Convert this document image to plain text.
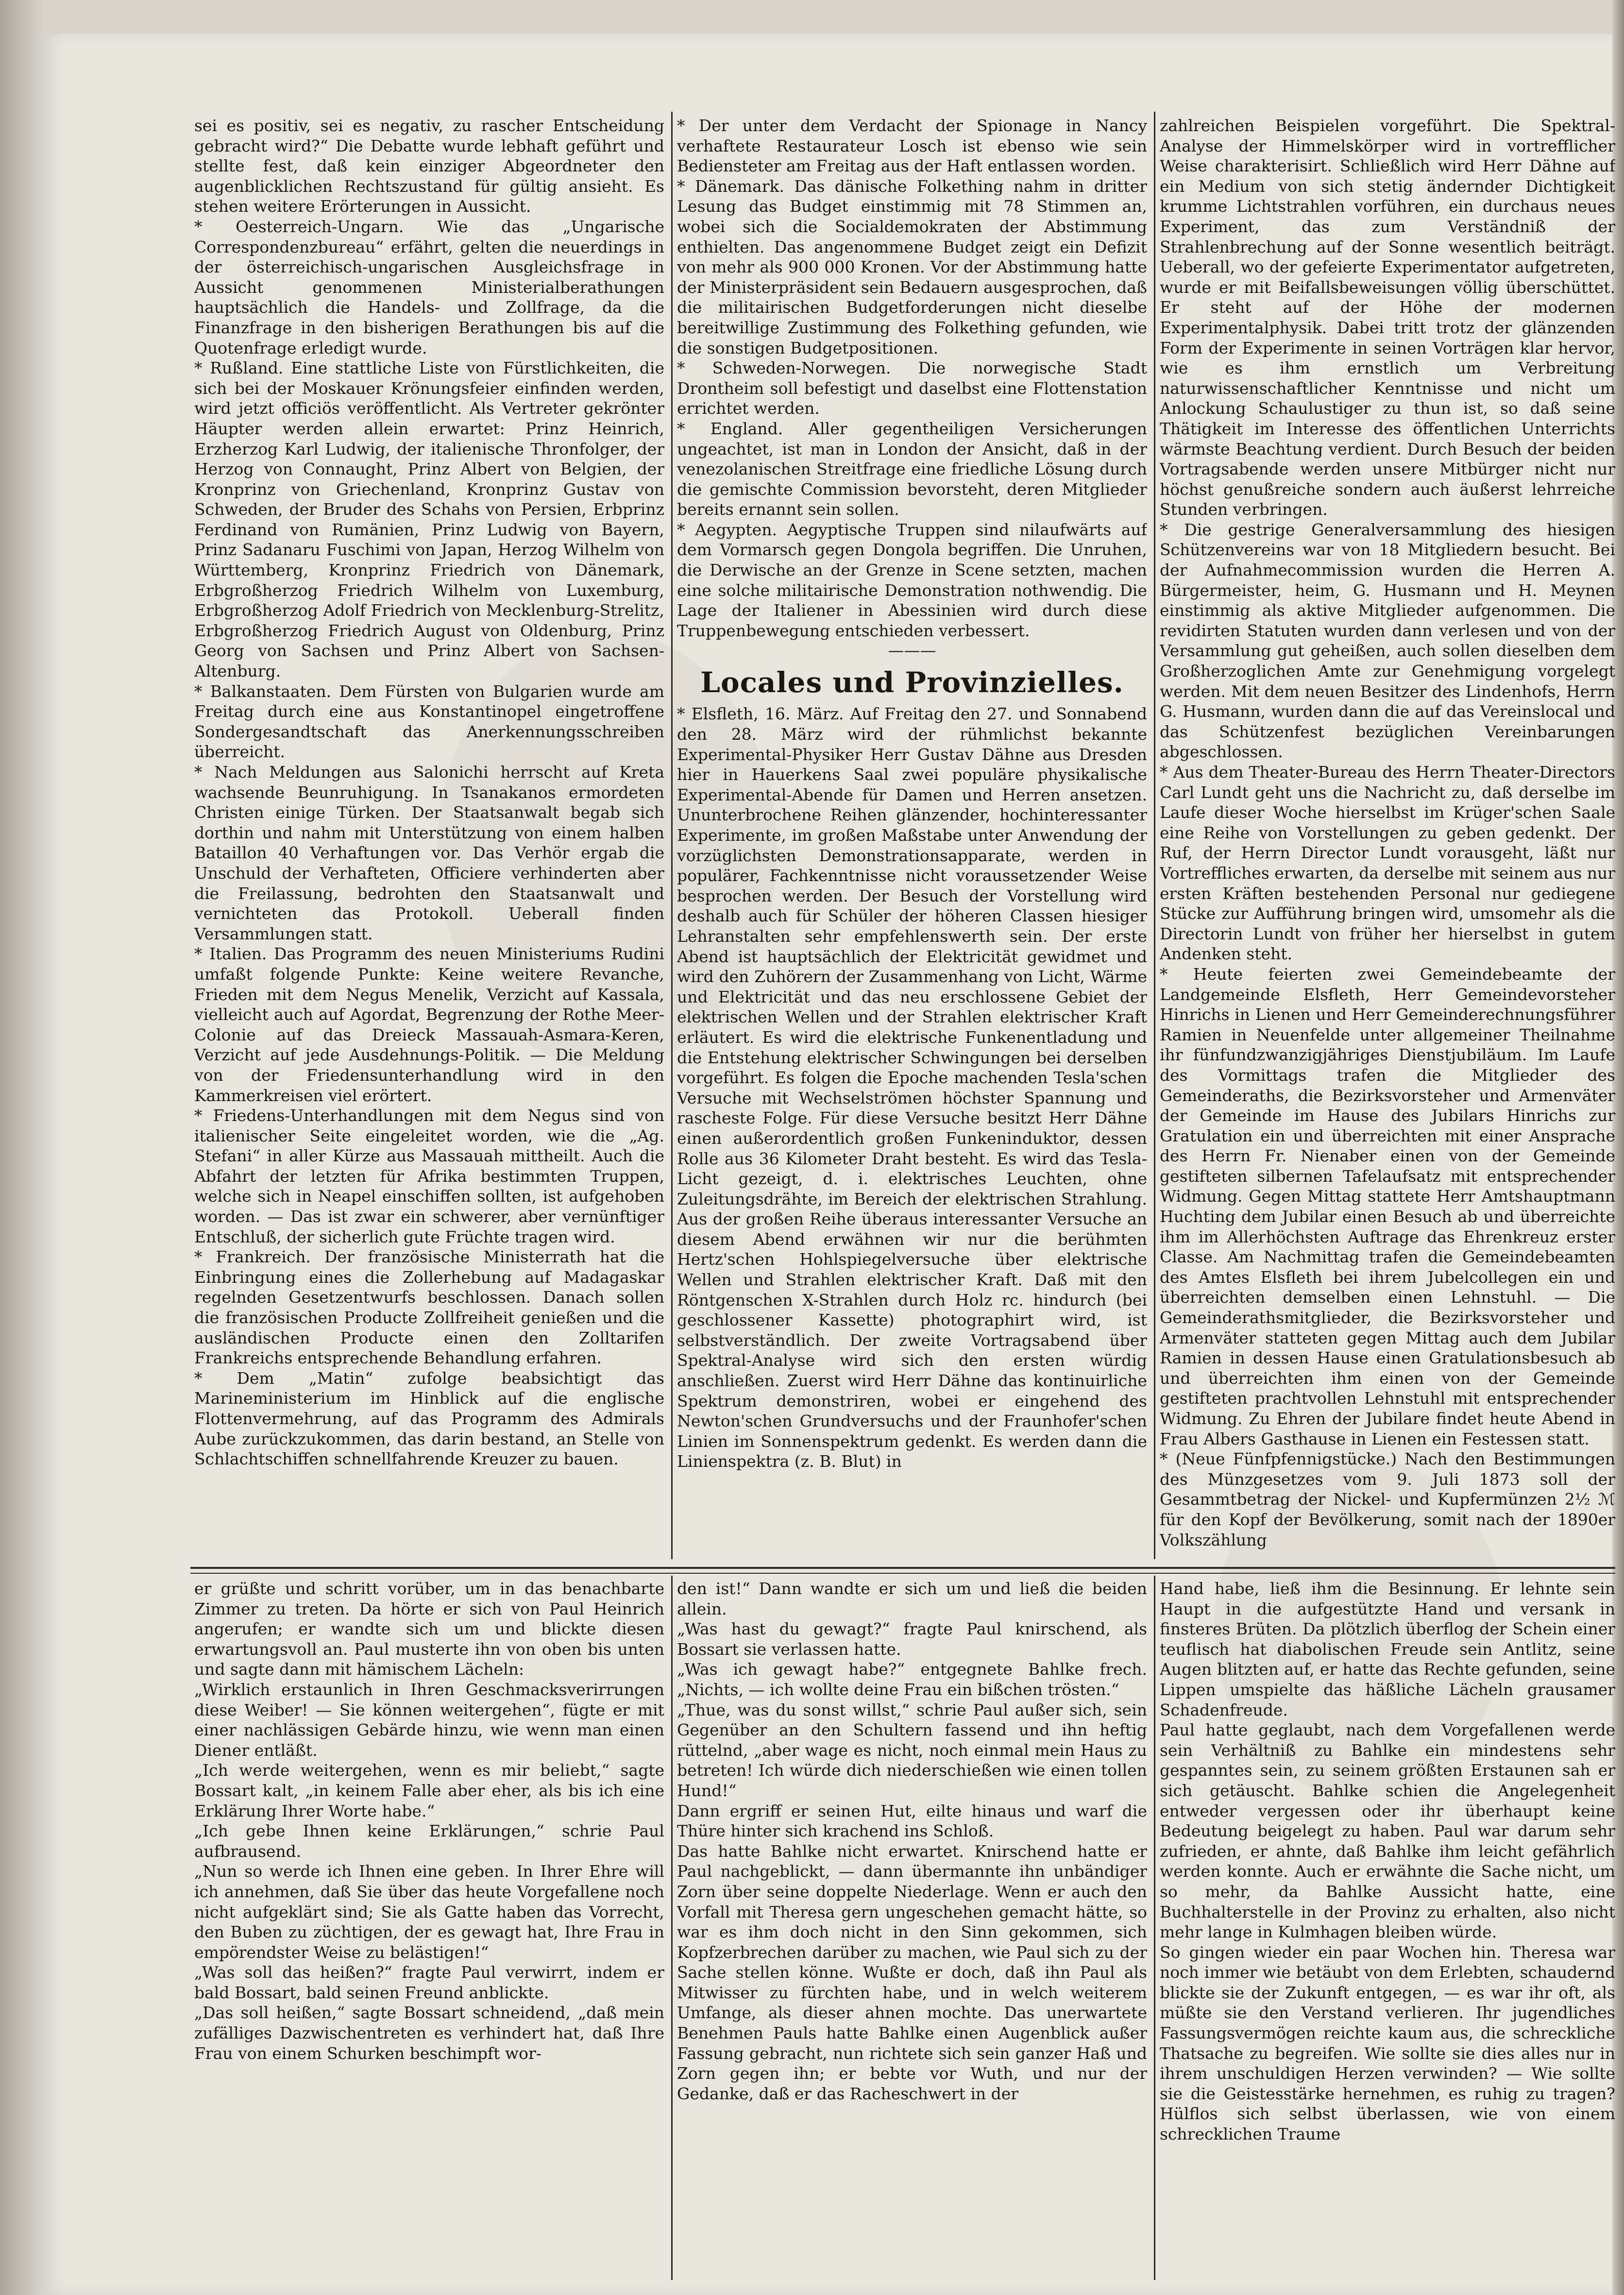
sei es positiv, sei es negativ, zu rascher Entscheidung gebracht wird?“ Die Debatte wurde lebhaft geführt und stellte fest, daß kein einziger Abgeordneter den augenblicklichen Rechtszustand für gültig ansieht. Es stehen weitere Erörterungen in Aussicht.

* Oesterreich-Ungarn. Wie das „Ungarische Correspondenzbureau“ erfährt, gelten die neuerdings in der österreichisch-ungarischen Ausgleichsfrage in Aussicht genommenen Ministerialberathungen hauptsächlich die Handels- und Zollfrage, da die Finanzfrage in den bisherigen Berathungen bis auf die Quotenfrage erledigt wurde.

* Rußland. Eine stattliche Liste von Fürstlichkeiten, die sich bei der Moskauer Krönungsfeier einfinden werden, wird jetzt officiös veröffentlicht. Als Vertreter gekrönter Häupter werden allein erwartet: Prinz Heinrich, Erzherzog Karl Ludwig, der italienische Thronfolger, der Herzog von Connaught, Prinz Albert von Belgien, der Kronprinz von Griechenland, Kronprinz Gustav von Schweden, der Bruder des Schahs von Persien, Erbprinz Ferdinand von Rumänien, Prinz Ludwig von Bayern, Prinz Sadanaru Fuschimi von Japan, Herzog Wilhelm von Württemberg, Kronprinz Friedrich von Dänemark, Erbgroßherzog Friedrich Wilhelm von Luxemburg, Erbgroßherzog Adolf Friedrich von Mecklenburg-Strelitz, Erbgroßherzog Friedrich August von Oldenburg, Prinz Georg von Sachsen und Prinz Albert von Sachsen-Altenburg.

* Balkanstaaten. Dem Fürsten von Bulgarien wurde am Freitag durch eine aus Konstantinopel eingetroffene Sondergesandtschaft das Anerkennungsschreiben überreicht.

* Nach Meldungen aus Salonichi herrscht auf Kreta wachsende Beunruhigung. In Tsanakanos ermordeten Christen einige Türken. Der Staatsanwalt begab sich dorthin und nahm mit Unterstützung von einem halben Bataillon 40 Verhaftungen vor. Das Verhör ergab die Unschuld der Verhafteten, Officiere verhinderten aber die Freilassung, bedrohten den Staatsanwalt und vernichteten das Protokoll. Ueberall finden Versammlungen statt.

* Italien. Das Programm des neuen Ministeriums Rudini umfaßt folgende Punkte: Keine weitere Revanche, Frieden mit dem Negus Menelik, Verzicht auf Kassala, vielleicht auch auf Agordat, Begrenzung der Rothe Meer-Colonie auf das Dreieck Massauah-Asmara-Keren, Verzicht auf jede Ausdehnungs-Politik. — Die Meldung von der Friedensunterhandlung wird in den Kammerkreisen viel erörtert.

* Friedens-Unterhandlungen mit dem Negus sind von italienischer Seite eingeleitet worden, wie die „Ag. Stefani“ in aller Kürze aus Massauah mittheilt. Auch die Abfahrt der letzten für Afrika bestimmten Truppen, welche sich in Neapel einschiffen sollten, ist aufgehoben worden. — Das ist zwar ein schwerer, aber vernünftiger Entschluß, der sicherlich gute Früchte tragen wird.

* Frankreich. Der französische Ministerrath hat die Einbringung eines die Zollerhebung auf Madagaskar regelnden Gesetzentwurfs beschlossen. Danach sollen die französischen Producte Zollfreiheit genießen und die ausländischen Producte einen den Zolltarifen Frankreichs entsprechende Behandlung erfahren.

* Dem „Matin“ zufolge beabsichtigt das Marineministerium im Hinblick auf die englische Flottenvermehrung, auf das Programm des Admirals Aube zurückzukommen, das darin bestand, an Stelle von Schlachtschiffen schnellfahrende Kreuzer zu bauen.

* Der unter dem Verdacht der Spionage in Nancy verhaftete Restaurateur Losch ist ebenso wie sein Bediensteter am Freitag aus der Haft entlassen worden.

* Dänemark. Das dänische Folkething nahm in dritter Lesung das Budget einstimmig mit 78 Stimmen an, wobei sich die Socialdemokraten der Abstimmung enthielten. Das angenommene Budget zeigt ein Defizit von mehr als 900 000 Kronen. Vor der Abstimmung hatte der Ministerpräsident sein Bedauern ausgesprochen, daß die militairischen Budgetforderungen nicht dieselbe bereitwillige Zustimmung des Folkething gefunden, wie die sonstigen Budgetpositionen.

* Schweden-Norwegen. Die norwegische Stadt Drontheim soll befestigt und daselbst eine Flottenstation errichtet werden.

* England. Aller gegentheiligen Versicherungen ungeachtet, ist man in London der Ansicht, daß in der venezolanischen Streitfrage eine friedliche Lösung durch die gemischte Commission bevorsteht, deren Mitglieder bereits ernannt sein sollen.

* Aegypten. Aegyptische Truppen sind nilaufwärts auf dem Vormarsch gegen Dongola begriffen. Die Unruhen, die Derwische an der Grenze in Scene setzten, machen eine solche militairische Demonstration nothwendig. Die Lage der Italiener in Abessinien wird durch diese Truppenbewegung entschieden verbessert.

———
Locales und Provinzielles.

* Elsfleth, 16. März. Auf Freitag den 27. und Sonnabend den 28. März wird der rühmlichst bekannte Experimental-Physiker Herr Gustav Dähne aus Dresden hier in Hauerkens Saal zwei populäre physikalische Experimental-Abende für Damen und Herren ansetzen. Ununterbrochene Reihen glänzender, hochinteressanter Experimente, im großen Maßstabe unter Anwendung der vorzüglichsten Demonstrationsapparate, werden in populärer, Fachkenntnisse nicht voraussetzender Weise besprochen werden. Der Besuch der Vorstellung wird deshalb auch für Schüler der höheren Classen hiesiger Lehranstalten sehr empfehlenswerth sein. Der erste Abend ist hauptsächlich der Elektricität gewidmet und wird den Zuhörern der Zusammenhang von Licht, Wärme und Elektricität und das neu erschlossene Gebiet der elektrischen Wellen und der Strahlen elektrischer Kraft erläutert. Es wird die elektrische Funkenentladung und die Entstehung elektrischer Schwingungen bei derselben vorgeführt. Es folgen die Epoche machenden Tesla'schen Versuche mit Wechselströmen höchster Spannung und rascheste Folge. Für diese Versuche besitzt Herr Dähne einen außerordentlich großen Funkeninduktor, dessen Rolle aus 36 Kilometer Draht besteht. Es wird das Tesla-Licht gezeigt, d. i. elektrisches Leuchten, ohne Zuleitungsdrähte, im Bereich der elektrischen Strahlung. Aus der großen Reihe überaus interessanter Versuche an diesem Abend erwähnen wir nur die berühmten Hertz'schen Hohlspiegelversuche über elektrische Wellen und Strahlen elektrischer Kraft. Daß mit den Röntgenschen X-Strahlen durch Holz rc. hindurch (bei geschlossener Kassette) photographirt wird, ist selbstverständlich. Der zweite Vortragsabend über Spektral-Analyse wird sich den ersten würdig anschließen. Zuerst wird Herr Dähne das kontinuirliche Spektrum demonstriren, wobei er eingehend des Newton'schen Grundversuchs und der Fraunhofer'schen Linien im Sonnenspektrum gedenkt. Es werden dann die Linienspektra (z. B. Blut) in

zahlreichen Beispielen vorgeführt. Die Spektral-Analyse der Himmelskörper wird in vortrefflicher Weise charakterisirt. Schließlich wird Herr Dähne auf ein Medium von sich stetig ändernder Dichtigkeit krumme Lichtstrahlen vorführen, ein durchaus neues Experiment, das zum Verständniß der Strahlenbrechung auf der Sonne wesentlich beiträgt. Ueberall, wo der gefeierte Experimentator aufgetreten, wurde er mit Beifallsbeweisungen völlig überschüttet. Er steht auf der Höhe der modernen Experimentalphysik. Dabei tritt trotz der glänzenden Form der Experimente in seinen Vorträgen klar hervor, wie es ihm ernstlich um Verbreitung naturwissenschaftlicher Kenntnisse und nicht um Anlockung Schaulustiger zu thun ist, so daß seine Thätigkeit im Interesse des öffentlichen Unterrichts wärmste Beachtung verdient. Durch Besuch der beiden Vortragsabende werden unsere Mitbürger nicht nur höchst genußreiche sondern auch äußerst lehrreiche Stunden verbringen.

* Die gestrige Generalversammlung des hiesigen Schützenvereins war von 18 Mitgliedern besucht. Bei der Aufnahmecommission wurden die Herren A. Bürgermeister, heim, G. Husmann und H. Meynen einstimmig als aktive Mitglieder aufgenommen. Die revidirten Statuten wurden dann verlesen und von der Versammlung gut geheißen, auch sollen dieselben dem Großherzoglichen Amte zur Genehmigung vorgelegt werden. Mit dem neuen Besitzer des Lindenhofs, Herrn G. Husmann, wurden dann die auf das Vereinslocal und das Schützenfest bezüglichen Vereinbarungen abgeschlossen.

* Aus dem Theater-Bureau des Herrn Theater-Directors Carl Lundt geht uns die Nachricht zu, daß derselbe im Laufe dieser Woche hierselbst im Krüger'schen Saale eine Reihe von Vorstellungen zu geben gedenkt. Der Ruf, der Herrn Director Lundt vorausgeht, läßt nur Vortreffliches erwarten, da derselbe mit seinem aus nur ersten Kräften bestehenden Personal nur gediegene Stücke zur Aufführung bringen wird, umsomehr als die Directorin Lundt von früher her hierselbst in gutem Andenken steht.

* Heute feierten zwei Gemeindebeamte der Landgemeinde Elsfleth, Herr Gemeindevorsteher Hinrichs in Lienen und Herr Gemeinderechnungsführer Ramien in Neuenfelde unter allgemeiner Theilnahme ihr fünfundzwanzigjähriges Dienstjubiläum. Im Laufe des Vormittags trafen die Mitglieder des Gemeinderaths, die Bezirksvorsteher und Armenväter der Gemeinde im Hause des Jubilars Hinrichs zur Gratulation ein und überreichten mit einer Ansprache des Herrn Fr. Nienaber einen von der Gemeinde gestifteten silbernen Tafelaufsatz mit entsprechender Widmung. Gegen Mittag stattete Herr Amtshauptmann Huchting dem Jubilar einen Besuch ab und überreichte ihm im Allerhöchsten Auftrage das Ehrenkreuz erster Classe. Am Nachmittag trafen die Gemeindebeamten des Amtes Elsfleth bei ihrem Jubelcollegen ein und überreichten demselben einen Lehnstuhl. — Die Gemeinderathsmitglieder, die Bezirksvorsteher und Armenväter statteten gegen Mittag auch dem Jubilar Ramien in dessen Hause einen Gratulationsbesuch ab und überreichten ihm einen von der Gemeinde gestifteten prachtvollen Lehnstuhl mit entsprechender Widmung. Zu Ehren der Jubilare findet heute Abend in Frau Albers Gasthause in Lienen ein Festessen statt.

* (Neue Fünfpfennigstücke.) Nach den Bestimmungen des Münzgesetzes vom 9. Juli 1873 soll der Gesammtbetrag der Nickel- und Kupfermünzen 2½ ℳ für den Kopf der Bevölkerung, somit nach der 1890er Volkszählung

er grüßte und schritt vorüber, um in das benachbarte Zimmer zu treten. Da hörte er sich von Paul Heinrich angerufen; er wandte sich um und blickte diesen erwartungsvoll an. Paul musterte ihn von oben bis unten und sagte dann mit hämischem Lächeln:

„Wirklich erstaunlich in Ihren Geschmacksverirrungen diese Weiber! — Sie können weitergehen“, fügte er mit einer nachlässigen Gebärde hinzu, wie wenn man einen Diener entläßt.

„Ich werde weitergehen, wenn es mir beliebt,“ sagte Bossart kalt, „in keinem Falle aber eher, als bis ich eine Erklärung Ihrer Worte habe.“

„Ich gebe Ihnen keine Erklärungen,“ schrie Paul aufbrausend.

„Nun so werde ich Ihnen eine geben. In Ihrer Ehre will ich annehmen, daß Sie über das heute Vorgefallene noch nicht aufgeklärt sind; Sie als Gatte haben das Vorrecht, den Buben zu züchtigen, der es gewagt hat, Ihre Frau in empörendster Weise zu belästigen!“

„Was soll das heißen?“ fragte Paul verwirrt, indem er bald Bossart, bald seinen Freund anblickte.

„Das soll heißen,“ sagte Bossart schneidend, „daß mein zufälliges Dazwischentreten es verhindert hat, daß Ihre Frau von einem Schurken beschimpft wor-

den ist!“ Dann wandte er sich um und ließ die beiden allein.

„Was hast du gewagt?“ fragte Paul knirschend, als Bossart sie verlassen hatte.

„Was ich gewagt habe?“ entgegnete Bahlke frech. „Nichts, — ich wollte deine Frau ein bißchen trösten.“

„Thue, was du sonst willst,“ schrie Paul außer sich, sein Gegenüber an den Schultern fassend und ihn heftig rüttelnd, „aber wage es nicht, noch einmal mein Haus zu betreten! Ich würde dich niederschießen wie einen tollen Hund!“

Dann ergriff er seinen Hut, eilte hinaus und warf die Thüre hinter sich krachend ins Schloß.

Das hatte Bahlke nicht erwartet. Knirschend hatte er Paul nachgeblickt, — dann übermannte ihn unbändiger Zorn über seine doppelte Niederlage. Wenn er auch den Vorfall mit Theresa gern ungeschehen gemacht hätte, so war es ihm doch nicht in den Sinn gekommen, sich Kopfzerbrechen darüber zu machen, wie Paul sich zu der Sache stellen könne. Wußte er doch, daß ihn Paul als Mitwisser zu fürchten habe, und in welch weiterem Umfange, als dieser ahnen mochte. Das unerwartete Benehmen Pauls hatte Bahlke einen Augenblick außer Fassung gebracht, nun richtete sich sein ganzer Haß und Zorn gegen ihn; er bebte vor Wuth, und nur der Gedanke, daß er das Racheschwert in der

Hand habe, ließ ihm die Besinnung. Er lehnte sein Haupt in die aufgestützte Hand und versank in finsteres Brüten. Da plötzlich überflog der Schein einer teuflisch hat diabolischen Freude sein Antlitz, seine Augen blitzten auf, er hatte das Rechte gefunden, seine Lippen umspielte das häßliche Lächeln grausamer Schadenfreude.

Paul hatte geglaubt, nach dem Vorgefallenen werde sein Verhältniß zu Bahlke ein mindestens sehr gespanntes sein, zu seinem größten Erstaunen sah er sich getäuscht. Bahlke schien die Angelegenheit entweder vergessen oder ihr überhaupt keine Bedeutung beigelegt zu haben. Paul war darum sehr zufrieden, er ahnte, daß Bahlke ihm leicht gefährlich werden konnte. Auch er erwähnte die Sache nicht, um so mehr, da Bahlke Aussicht hatte, eine Buchhalterstelle in der Provinz zu erhalten, also nicht mehr lange in Kulmhagen bleiben würde.

So gingen wieder ein paar Wochen hin. Theresa war noch immer wie betäubt von dem Erlebten, schaudernd blickte sie der Zukunft entgegen, — es war ihr oft, als müßte sie den Verstand verlieren. Ihr jugendliches Fassungsvermögen reichte kaum aus, die schreckliche Thatsache zu begreifen. Wie sollte sie dies alles nur in ihrem unschuldigen Herzen verwinden? — Wie sollte sie die Geistesstärke hernehmen, es ruhig zu tragen? Hülflos sich selbst überlassen, wie von einem schrecklichen Traume
